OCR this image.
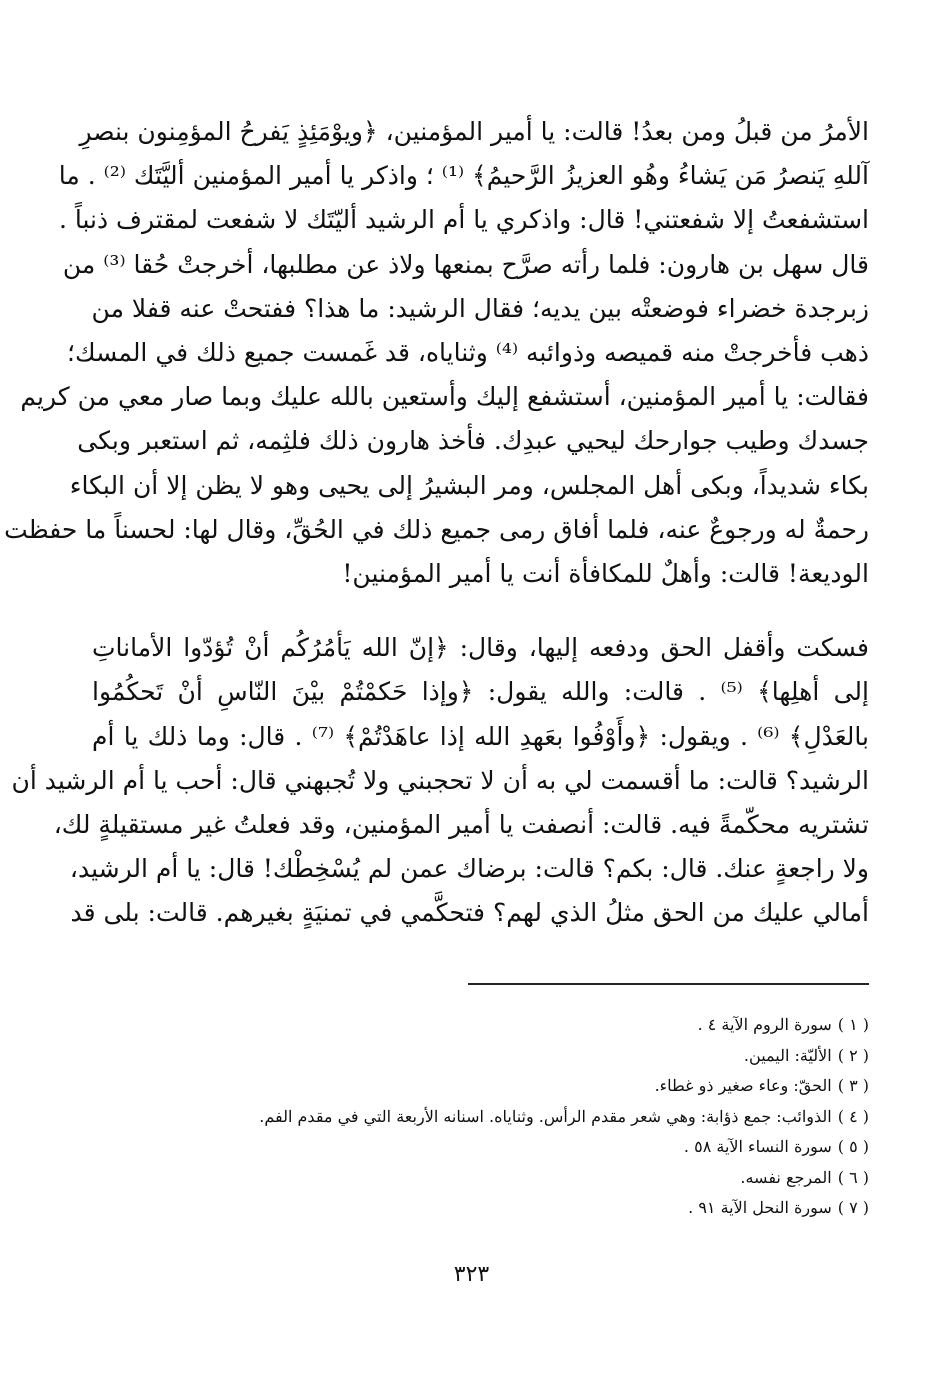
الأمرُ من قبلُ ومن بعدُ! قالت: يا أمير المؤمنين، ﴿ويوْمَئِذٍ يَفرحُ المؤمِنون بنصرِ

آللهِ يَنصرُ مَن يَشاءُ وهُو العزيزُ الرَّحيمُ﴾ ⁽¹⁾ ؛ واذكر يا أمير المؤمنين أليَّتَك ⁽²⁾ . ما

استشفعتُ إلا شفعتني! قال: واذكري يا أم الرشيد أليّتَك لا شفعت لمقترف ذنباً .

قال سهل بن هارون: فلما رأته صرَّح بمنعها ولاذ عن مطلبها، أخرجتْ حُقا ⁽³⁾ من

زبرجدة خضراء فوضعتْه بين يديه؛ فقال الرشيد: ما هذا؟ ففتحتْ عنه قفلا من

ذهب فأخرجتْ منه قميصه وذوائبه ⁽⁴⁾ وثناياه، قد غَمست جميع ذلك في المسك؛

فقالت: يا أمير المؤمنين، أستشفع إليك وأستعين بالله عليك وبما صار معي من كريم

جسدك وطيب جوارحك ليحيي عبدِك. فأخذ هارون ذلك فلثِمه، ثم استعبر وبكى

بكاء شديداً، وبكى أهل المجلس، ومر البشيرُ إلى يحيى وهو لا يظن إلا أن البكاء

رحمةٌ له ورجوعٌ عنه، فلما أفاق رمى جميع ذلك في الحُقِّ، وقال لها: لحسناً ما حفظت

الوديعة! قالت: وأهلٌ للمكافأة أنت يا أمير المؤمنين!

فسكت وأقفل الحق ودفعه إليها، وقال: ﴿إنّ الله يَأمُرُكُم أنْ تُؤدّوا الأماناتِ

إلى أهلِها﴾ ⁽⁵⁾ . قالت: والله يقول: ﴿وإذا حَكمْتُمْ بيْنَ النّاسِ أنْ تَحكُمُوا

بالعَدْلِ﴾ ⁽⁶⁾ . ويقول: ﴿وأَوْفُوا بعَهدِ الله إذا عاهَدْتُمْ﴾ ⁽⁷⁾ . قال: وما ذلك يا أم

الرشيد؟ قالت: ما أقسمت لي به أن لا تحجبني ولا تُجبهني قال: أحب يا أم الرشيد أن

تشتريه محكّمةً فيه. قالت: أنصفت يا أمير المؤمنين، وقد فعلتُ غير مستقيلةٍ لك،

ولا راجعةٍ عنك. قال: بكم؟ قالت: برضاك عمن لم يُسْخِطْك! قال: يا أم الرشيد،

أمالي عليك من الحق مثلُ الذي لهم؟ فتحكَّمي في تمنيَةٍ بغيرهم. قالت: بلى قد

( ١ )سورة الروم الآية ٤ .

( ٢ )الأليّة: اليمين.

( ٣ )الحقّ: وعاء صغير ذو غطاء.

( ٤ )الذوائب: جمع ذؤابة: وهي شعر مقدم الرأس. وثناياه. اسنانه الأربعة التي في مقدم الفم.

( ٥ )سورة النساء الآية ٥٨ .

( ٦ )المرجع نفسه.

( ٧ )سورة النحل الآية ٩١ .

٣٢٣
